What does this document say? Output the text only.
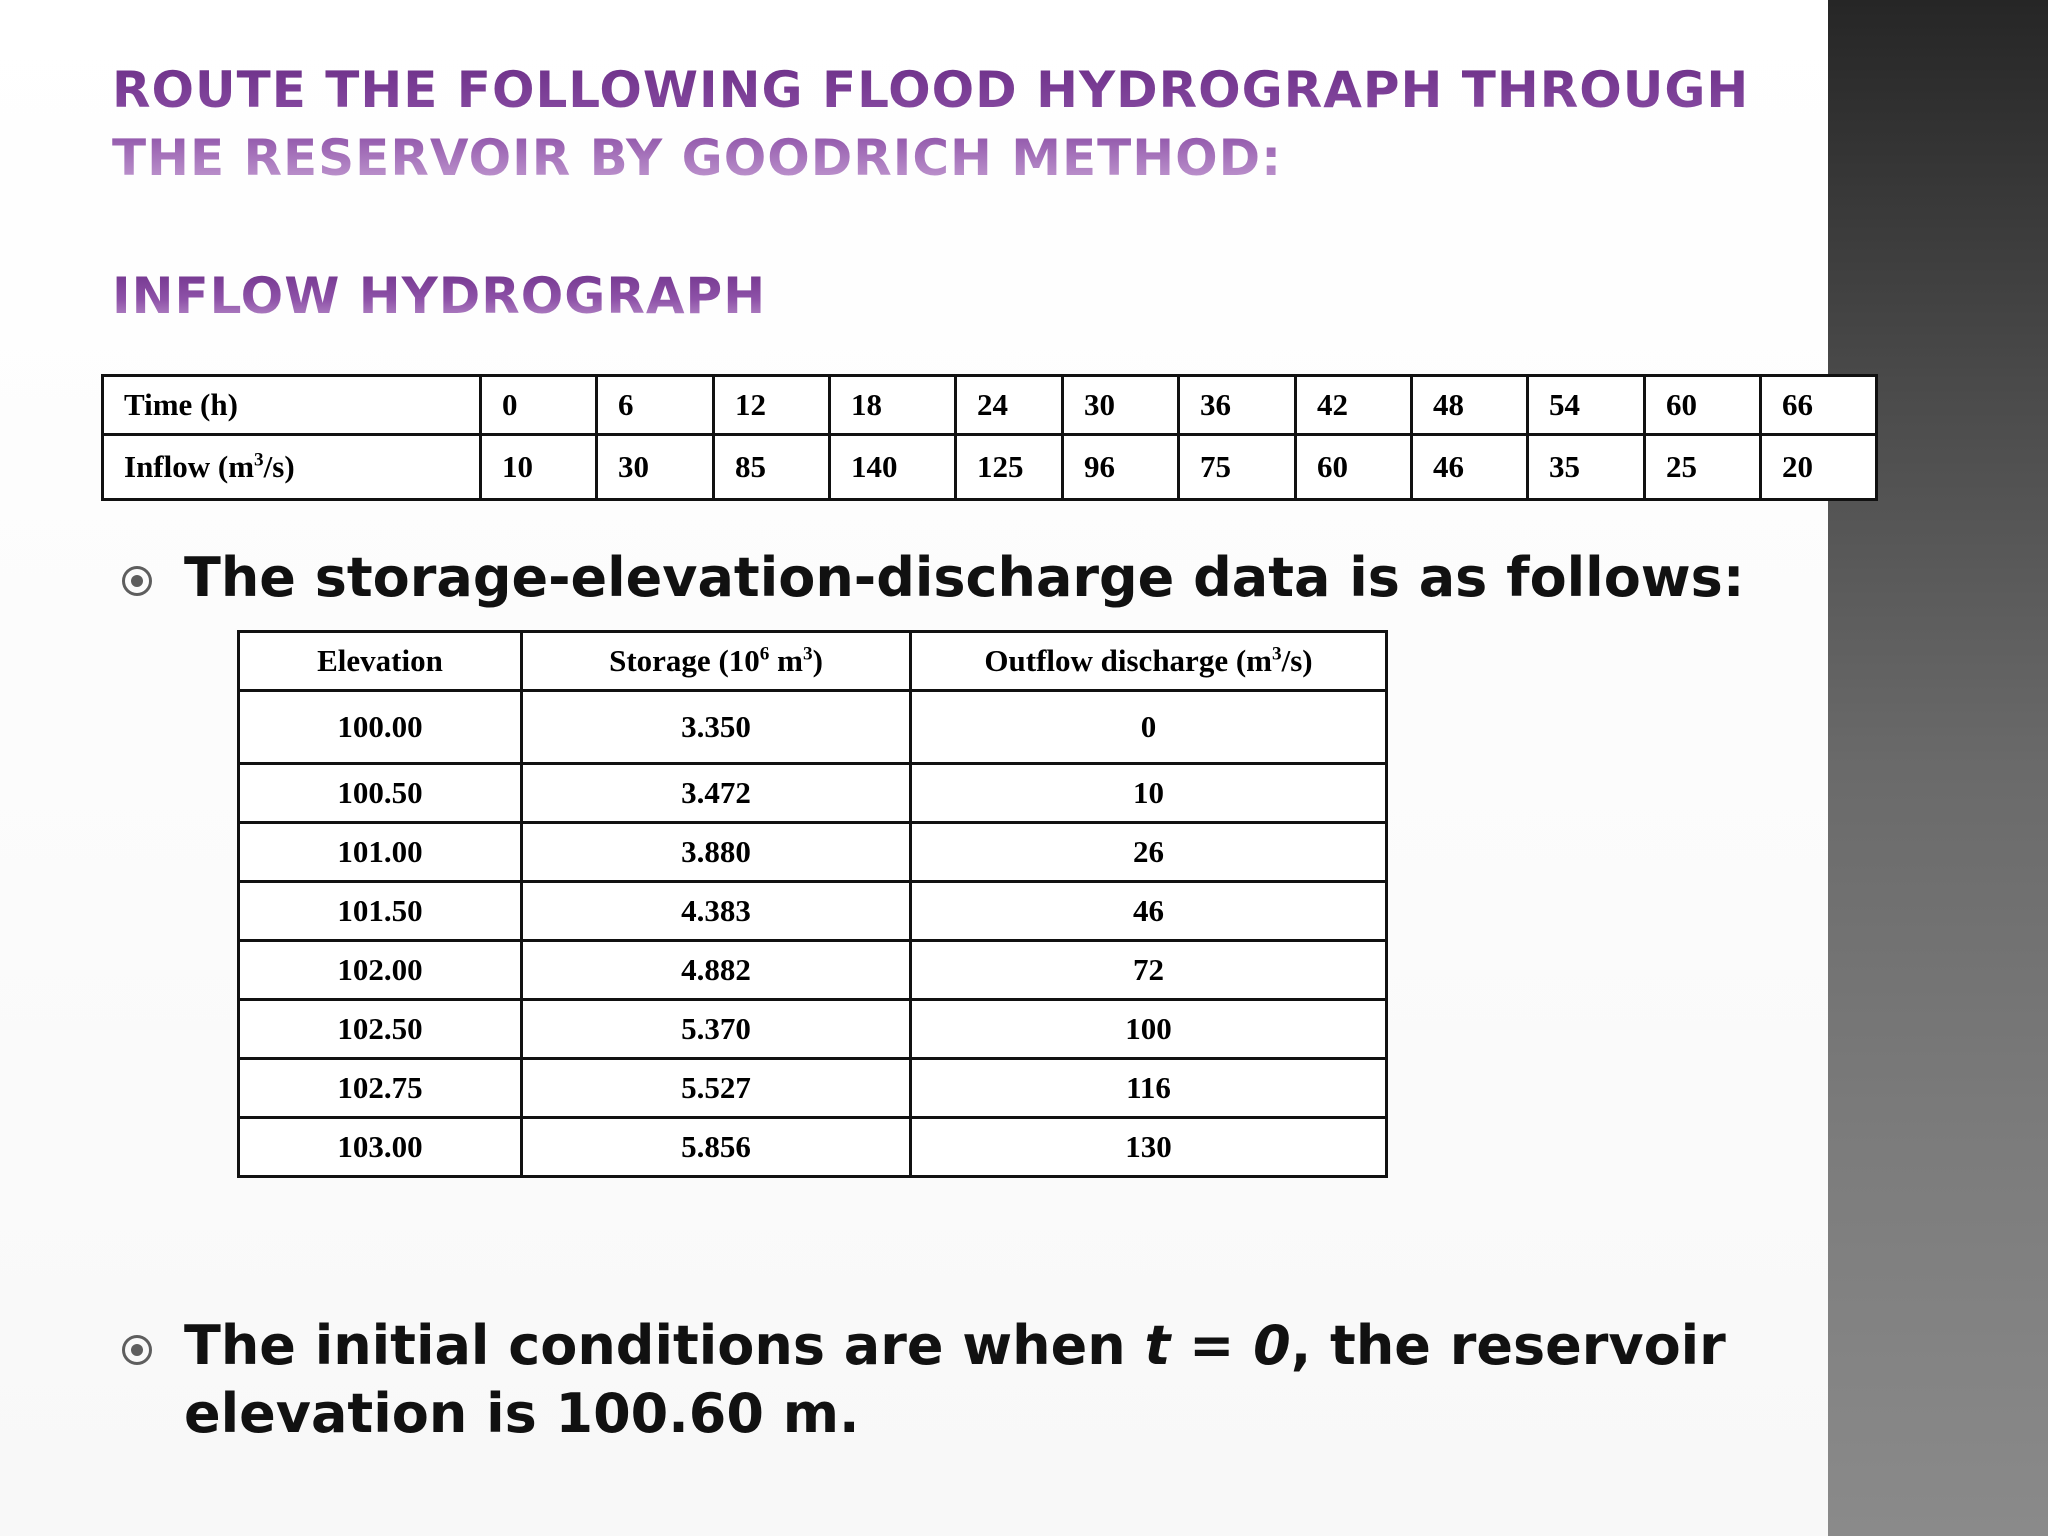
ROUTE THE FOLLOWING FLOOD HYDROGRAPH THROUGH
THE RESERVOIR BY GOODRICH METHOD:
INFLOW HYDROGRAPH
Time (h)	0	6	12	18	24	30	36	42	48	54	60	66
Inflow $(m^3/s)$	10	30	85	140	125	96	75	60	46	35	25	20

The storage-elevation-discharge data is as follows:

Elevation	Storage ($10^6$ $m^3$)	Outflow discharge $(m^3/s)$
100.00	3.350	0
100.50	3.472	10
101.00	3.880	26
101.50	4.383	46
102.00	4.882	72
102.50	5.370	100
102.75	5.527	116
103.00	5.856	130

The initial conditions are when t = 0, the reservoir
elevation is 100.60 m.
